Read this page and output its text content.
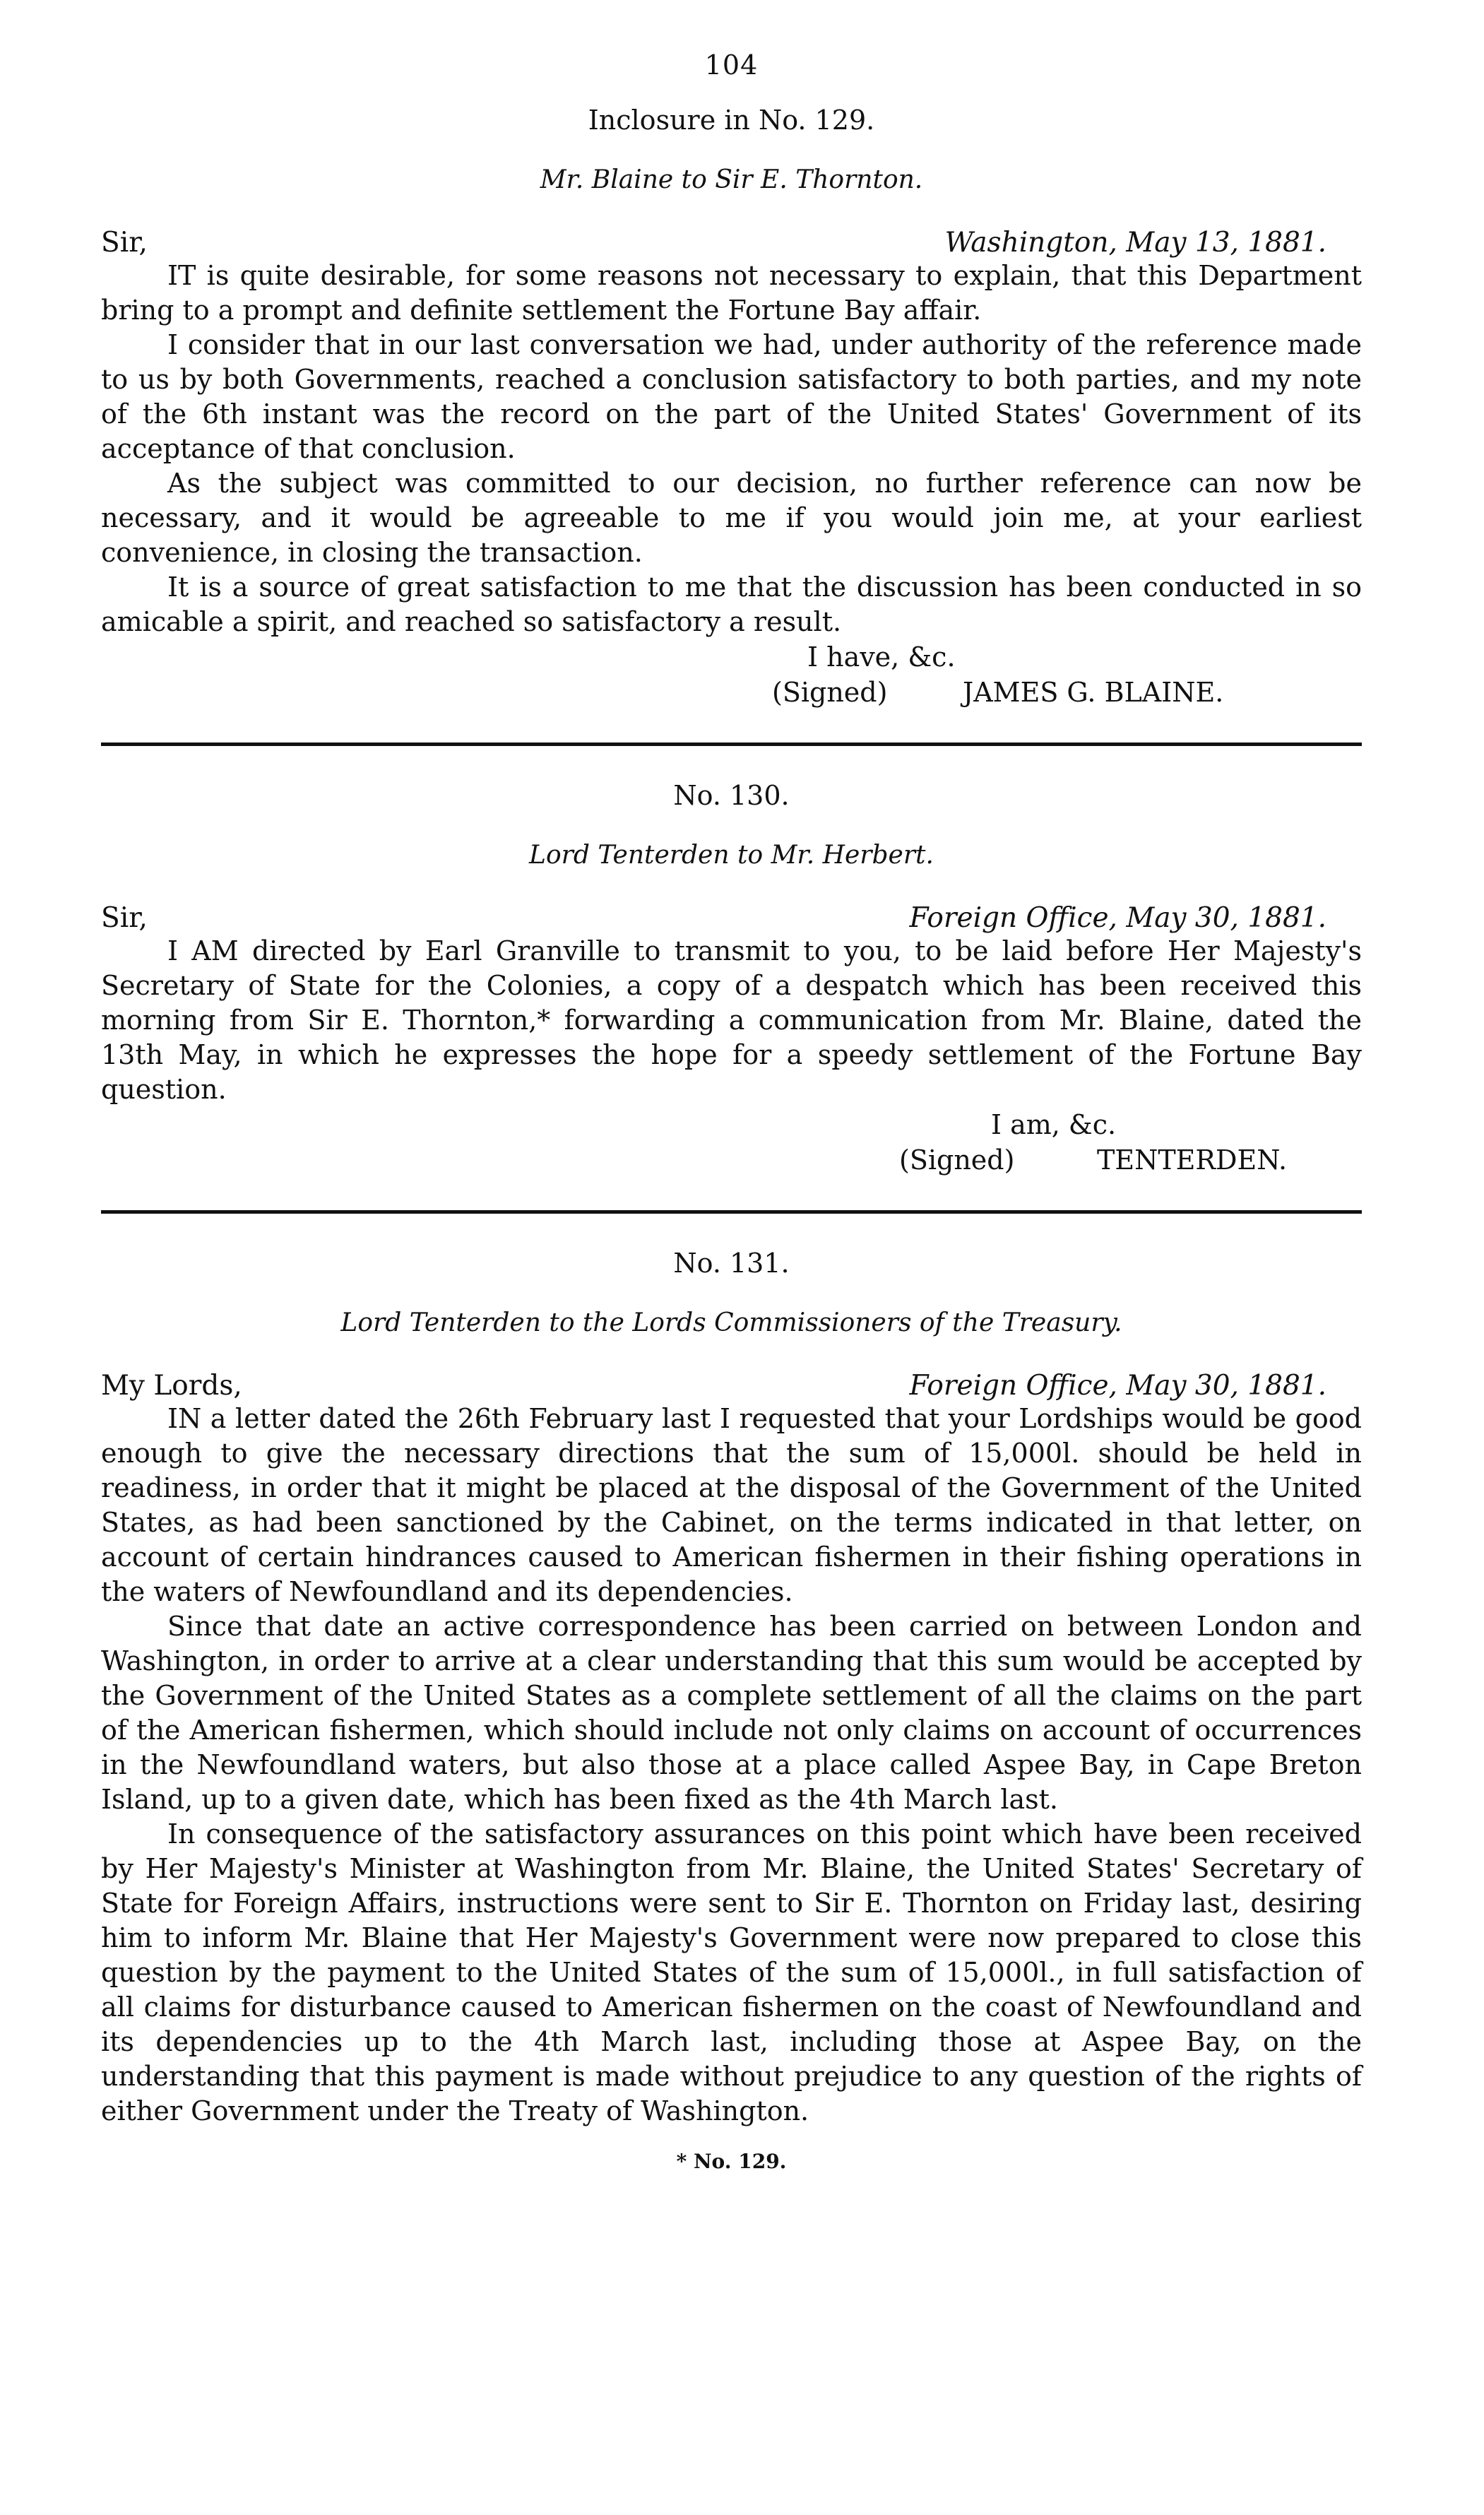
104
Inclosure in No. 129.
Mr. Blaine to Sir E. Thornton.
Sir,	Washington, May 13, 1881.

IT is quite desirable, for some reasons not necessary to explain, that this Department bring to a prompt and definite settlement the Fortune Bay affair.

I consider that in our last conversation we had, under authority of the reference made to us by both Governments, reached a conclusion satisfactory to both parties, and my note of the 6th instant was the record on the part of the United States' Government of its acceptance of that conclusion.

As the subject was committed to our decision, no further reference can now be necessary, and it would be agreeable to me if you would join me, at your earliest convenience, in closing the transaction.

It is a source of great satisfaction to me that the discussion has been conducted in so amicable a spirit, and reached so satisfactory a result.

I have, &c.
(Signed)	JAMES G. BLAINE.
No. 130.
Lord Tenterden to Mr. Herbert.
Sir,	Foreign Office, May 30, 1881.

I AM directed by Earl Granville to transmit to you, to be laid before Her Majesty's Secretary of State for the Colonies, a copy of a despatch which has been received this morning from Sir E. Thornton,* forwarding a communication from Mr. Blaine, dated the 13th May, in which he expresses the hope for a speedy settlement of the Fortune Bay question.

I am, &c.
(Signed)	TENTERDEN.
No. 131.
Lord Tenterden to the Lords Commissioners of the Treasury.
My Lords,	Foreign Office, May 30, 1881.

IN a letter dated the 26th February last I requested that your Lordships would be good enough to give the necessary directions that the sum of 15,000l. should be held in readiness, in order that it might be placed at the disposal of the Government of the United States, as had been sanctioned by the Cabinet, on the terms indicated in that letter, on account of certain hindrances caused to American fishermen in their fishing operations in the waters of Newfoundland and its dependencies.

Since that date an active correspondence has been carried on between London and Washington, in order to arrive at a clear understanding that this sum would be accepted by the Government of the United States as a complete settlement of all the claims on the part of the American fishermen, which should include not only claims on account of occurrences in the Newfoundland waters, but also those at a place called Aspee Bay, in Cape Breton Island, up to a given date, which has been fixed as the 4th March last.

In consequence of the satisfactory assurances on this point which have been received by Her Majesty's Minister at Washington from Mr. Blaine, the United States' Secretary of State for Foreign Affairs, instructions were sent to Sir E. Thornton on Friday last, desiring him to inform Mr. Blaine that Her Majesty's Government were now prepared to close this question by the payment to the United States of the sum of 15,000l., in full satisfaction of all claims for disturbance caused to American fishermen on the coast of Newfoundland and its dependencies up to the 4th March last, including those at Aspee Bay, on the understanding that this payment is made without prejudice to any question of the rights of either Government under the Treaty of Washington.

* No. 129.
